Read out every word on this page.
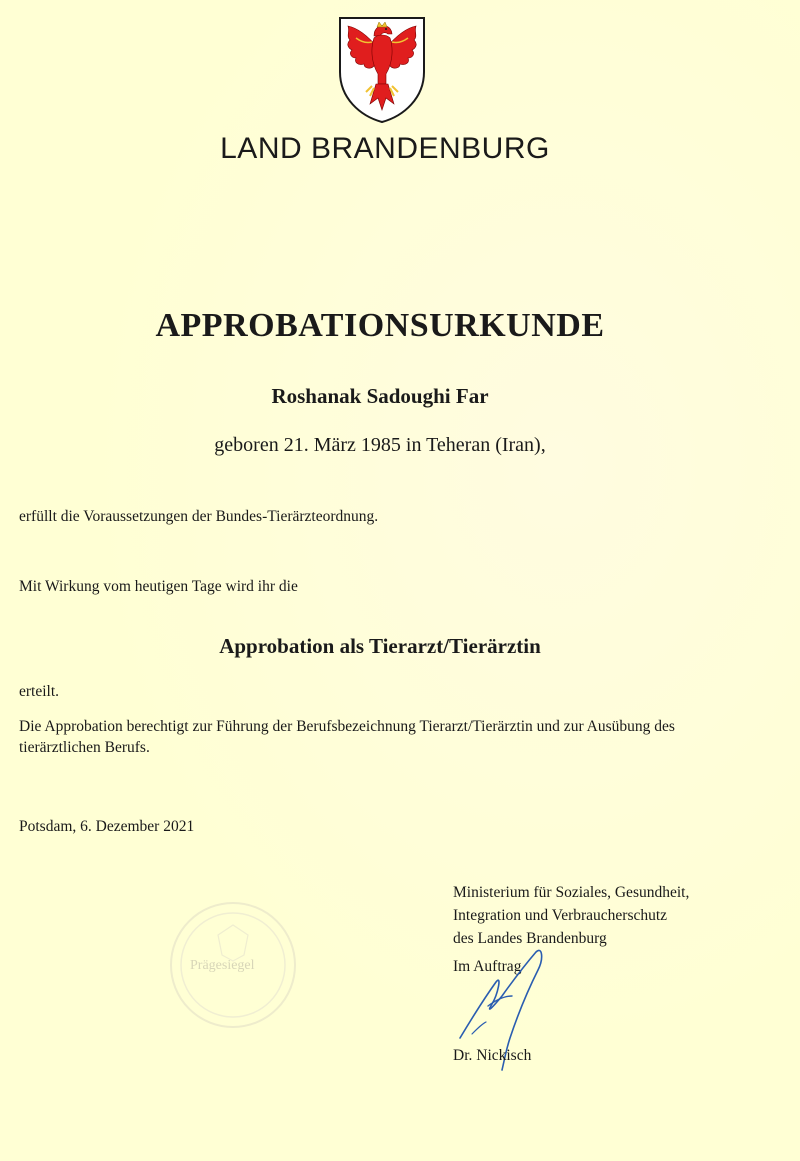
LAND BRANDENBURG
APPROBATIONSURKUNDE
Roshanak Sadoughi Far
geboren 21. März 1985 in Teheran (Iran),
erfüllt die Voraussetzungen der Bundes-Tierärzteordnung.
Mit Wirkung vom heutigen Tage wird ihr die
Approbation als Tierarzt/Tierärztin
erteilt.
Die Approbation berechtigt zur Führung der Berufsbezeichnung Tierarzt/Tierärztin und zur Ausübung des tierärztlichen Berufs.
Potsdam, 6. Dezember 2021
Prägesiegel
Ministerium für Soziales, Gesundheit,
Integration und Verbraucherschutz
des Landes Brandenburg
Im Auftrag
Dr. Nickisch
